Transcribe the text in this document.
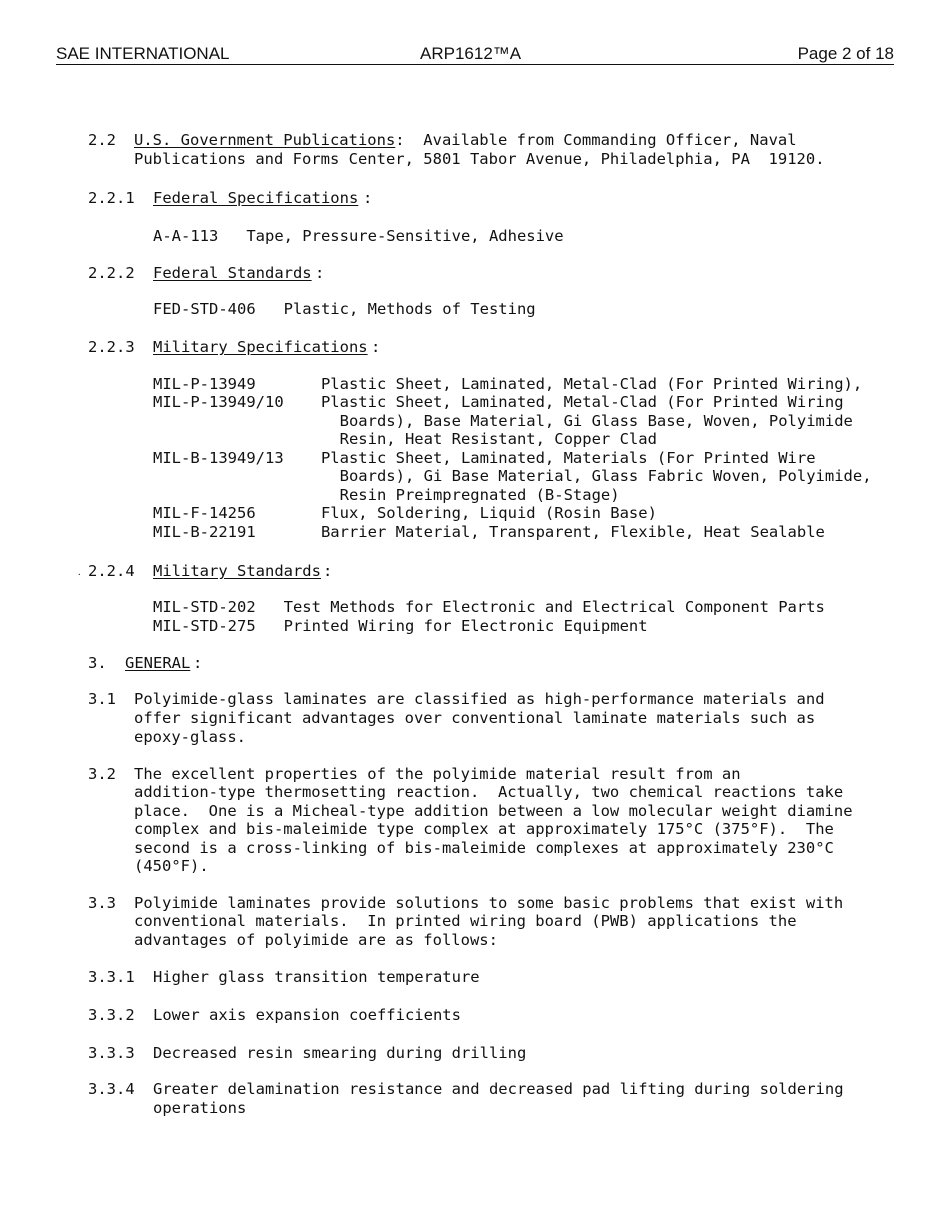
SAE INTERNATIONAL	ARP1612™A	Page 2 of 18
2.2 U.S. Government Publications:  Available from Commanding Officer, Naval
Publications and Forms Center, 5801 Tabor Avenue, Philadelphia, PA  19120.
2.2.1 Federal Specifications :
A-A-113   Tape, Pressure-Sensitive, Adhesive
2.2.2 Federal Standards :
FED-STD-406   Plastic, Methods of Testing
2.2.3 Military Specifications :
MIL-P-13949       Plastic Sheet, Laminated, Metal-Clad (For Printed Wiring),
MIL-P-13949/10    Plastic Sheet, Laminated, Metal-Clad (For Printed Wiring
Boards), Base Material, Gi Glass Base, Woven, Polyimide
Resin, Heat Resistant, Copper Clad
MIL-B-13949/13    Plastic Sheet, Laminated, Materials (For Printed Wire
Boards), Gi Base Material, Glass Fabric Woven, Polyimide,
Resin Preimpregnated (B-Stage)
MIL-F-14256       Flux, Soldering, Liquid (Rosin Base)
MIL-B-22191       Barrier Material, Transparent, Flexible, Heat Sealable
. 2.2.4 Military Standards :
MIL-STD-202   Test Methods for Electronic and Electrical Component Parts
MIL-STD-275   Printed Wiring for Electronic Equipment
3. GENERAL :
3.1 Polyimide-glass laminates are classified as high-performance materials and
offer significant advantages over conventional laminate materials such as
epoxy-glass.
3.2 The excellent properties of the polyimide material result from an
addition-type thermosetting reaction.  Actually, two chemical reactions take
place.  One is a Micheal-type addition between a low molecular weight diamine
complex and bis-maleimide type complex at approximately 175°C (375°F).  The
second is a cross-linking of bis-maleimide complexes at approximately 230°C
(450°F).
3.3 Polyimide laminates provide solutions to some basic problems that exist with
conventional materials.  In printed wiring board (PWB) applications the
advantages of polyimide are as follows:
3.3.1 Higher glass transition temperature
3.3.2 Lower axis expansion coefficients
3.3.3 Decreased resin smearing during drilling
3.3.4 Greater delamination resistance and decreased pad lifting during soldering
operations
